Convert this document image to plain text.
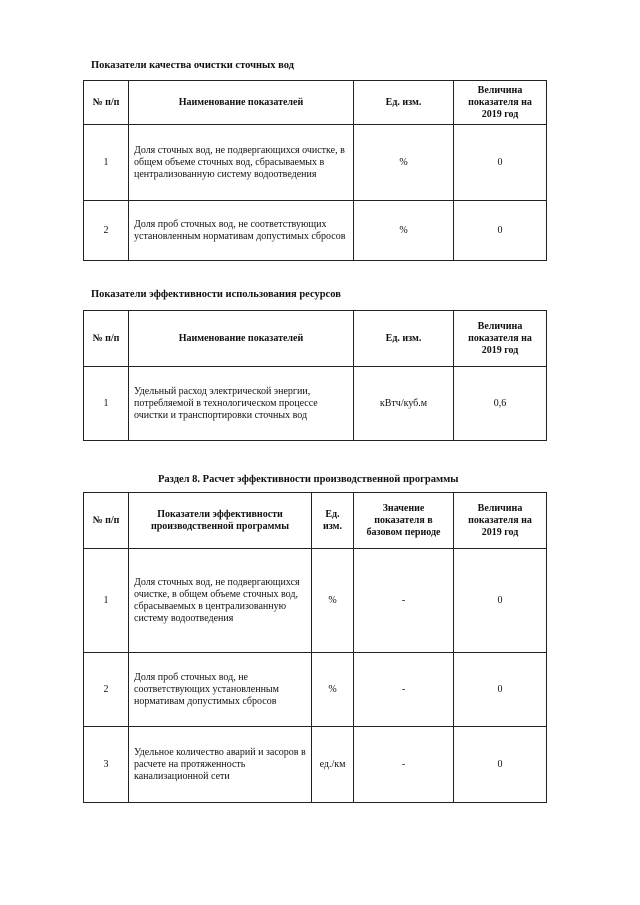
Показатели качества очистки сточных вод
№ п/п	Наименование показателей	Ед. изм.	Величина показателя на 2019 год
1	Доля сточных вод, не подвергающихся очистке, в общем объеме сточных вод, сбрасываемых в централизованную систему водоотведения	%	0
2	Доля проб сточных вод, не соответствующих установленным нормативам допустимых сбросов	%	0
Показатели эффективности использования ресурсов
№ п/п	Наименование показателей	Ед. изм.	Величина показателя на 2019 год
1	Удельный расход электрической энергии, потребляемой в технологическом процессе очистки и транспортировки сточных вод	кВтч/куб.м	0,6
Раздел 8. Расчет эффективности производственной программы
№ п/п	Показатели эффективности производственной программы	Ед. изм.	Значение показателя в базовом периоде	Величина показателя на 2019 год
1	Доля сточных вод, не подвергающихся очистке, в общем объеме сточных вод, сбрасываемых в централизованную систему водоотведения	%	-	0
2	Доля проб сточных вод, не соответствующих установленным нормативам допустимых сбросов	%	-	0
3	Удельное количество аварий и засоров в расчете на протяженность канализационной сети	ед./км	-	0
